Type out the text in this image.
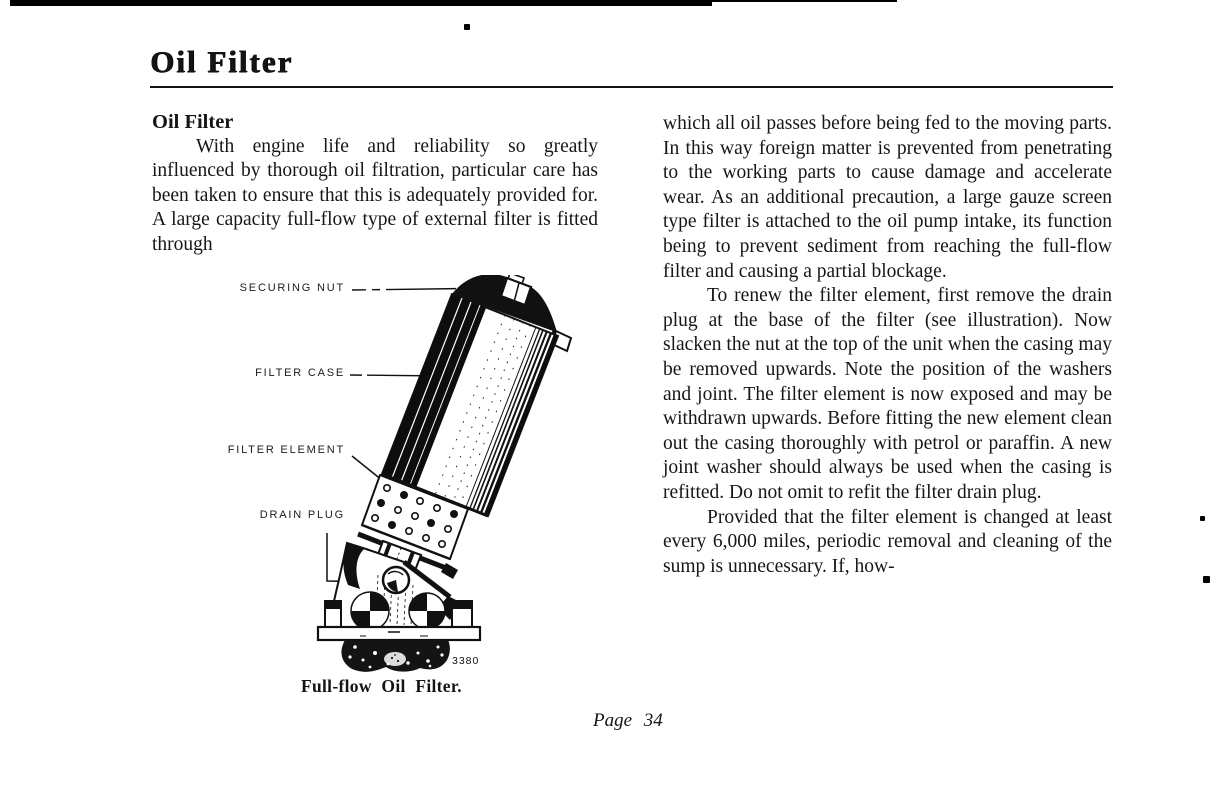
Oil Filter

Oil Filter

With engine life and reliability so greatly influenced by thorough oil filtration, particular care has been taken to ensure that this is adequately provided for. A large capacity full-flow type of external filter is fitted through

which all oil passes before being fed to the moving parts. In this way foreign matter is prevented from penetrating to the working parts to cause damage and accelerate wear. As an additional precaution, a large gauze screen type filter is attached to the oil pump intake, its function being to prevent sediment from reaching the full-flow filter and causing a partial blockage.

To renew the filter element, first remove the drain plug at the base of the filter (see illustration). Now slacken the nut at the top of the unit when the casing may be removed upwards. Note the position of the washers and joint. The filter element is now exposed and may be withdrawn upwards. Before fitting the new element clean out the casing thoroughly with petrol or paraffin. A new joint washer should always be used when the casing is refitted. Do not omit to refit the filter drain plug.

Provided that the filter element is changed at least every 6,000 miles, periodic removal and cleaning of the sump is unnecessary. If, how-

SECURING NUT
FILTER CASE
FILTER ELEMENT
DRAIN PLUG
3380
Full-flow Oil Filter.
Page 34
